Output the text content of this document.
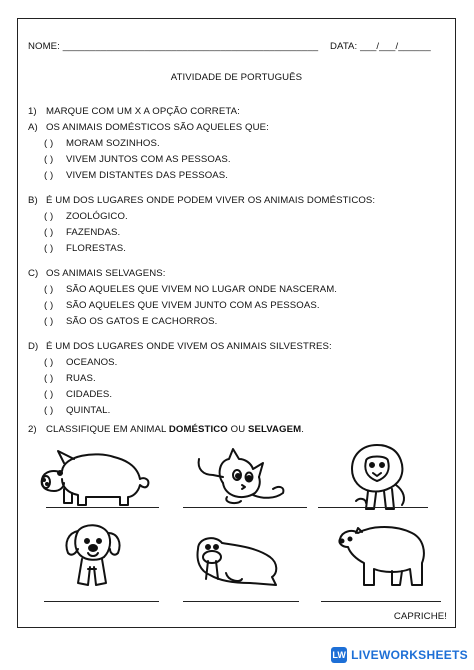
NOME: _______________________________________________ DATA: ___/___/______
ATIVIDADE DE PORTUGUÊS
1) MARQUE COM UM X A OPÇÃO CORRETA:
A) OS ANIMAIS DOMÉSTICOS SÃO AQUELES QUE:
( ) MORAM SOZINHOS.
( ) VIVEM JUNTOS COM AS PESSOAS.
( ) VIVEM DISTANTES DAS PESSOAS.
B) É UM DOS LUGARES ONDE PODEM VIVER OS ANIMAIS DOMÉSTICOS:
( ) ZOOLÓGICO.
( ) FAZENDAS.
( ) FLORESTAS.
C) OS ANIMAIS SELVAGENS:
( ) SÃO AQUELES QUE VIVEM NO LUGAR ONDE NASCERAM.
( ) SÃO AQUELES QUE VIVEM JUNTO COM AS PESSOAS.
( ) SÃO OS GATOS E CACHORROS.
D) É UM DOS LUGARES ONDE VIVEM OS ANIMAIS SILVESTRES:
( ) OCEANOS.
( ) RUAS.
( ) CIDADES.
( ) QUINTAL.
2) CLASSIFIQUE EM ANIMAL DOMÉSTICO OU SELVAGEM.
CAPRICHE!
LW LIVEWORKSHEETS
